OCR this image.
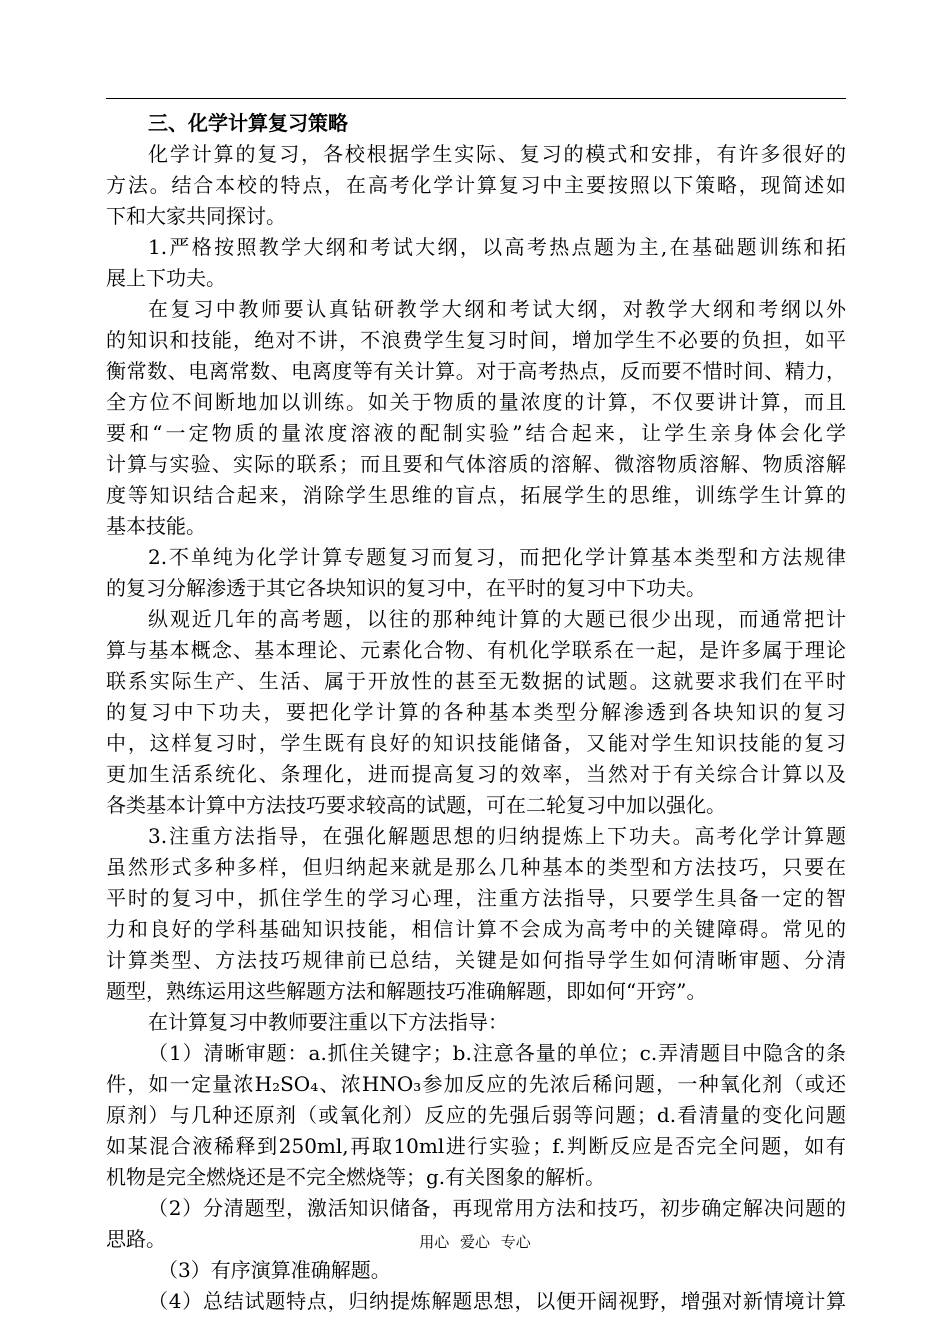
三、化学计算复习策略
化学计算的复习，各校根据学生实际、复习的模式和安排，有许多很好的
方法。结合本校的特点，在高考化学计算复习中主要按照以下策略，现简述如
下和大家共同探讨。
1.严格按照教学大纲和考试大纲，以高考热点题为主,在基础题训练和拓
展上下功夫。
在复习中教师要认真钻研教学大纲和考试大纲，对教学大纲和考纲以外
的知识和技能，绝对不讲，不浪费学生复习时间，增加学生不必要的负担，如平
衡常数、电离常数、电离度等有关计算。对于高考热点，反而要不惜时间、精力，
全方位不间断地加以训练。如关于物质的量浓度的计算，不仅要讲计算，而且
要和“一定物质的量浓度溶液的配制实验”结合起来，让学生亲身体会化学
计算与实验、实际的联系；而且要和气体溶质的溶解、微溶物质溶解、物质溶解
度等知识结合起来，消除学生思维的盲点，拓展学生的思维，训练学生计算的
基本技能。
2.不单纯为化学计算专题复习而复习，而把化学计算基本类型和方法规律
的复习分解渗透于其它各块知识的复习中，在平时的复习中下功夫。
纵观近几年的高考题，以往的那种纯计算的大题已很少出现，而通常把计
算与基本概念、基本理论、元素化合物、有机化学联系在一起，是许多属于理论
联系实际生产、生活、属于开放性的甚至无数据的试题。这就要求我们在平时
的复习中下功夫，要把化学计算的各种基本类型分解渗透到各块知识的复习
中，这样复习时，学生既有良好的知识技能储备，又能对学生知识技能的复习
更加生活系统化、条理化，进而提高复习的效率，当然对于有关综合计算以及
各类基本计算中方法技巧要求较高的试题，可在二轮复习中加以强化。
3.注重方法指导，在强化解题思想的归纳提炼上下功夫。高考化学计算题
虽然形式多种多样，但归纳起来就是那么几种基本的类型和方法技巧，只要在
平时的复习中，抓住学生的学习心理，注重方法指导，只要学生具备一定的智
力和良好的学科基础知识技能，相信计算不会成为高考中的关键障碍。常见的
计算类型、方法技巧规律前已总结，关键是如何指导学生如何清晰审题、分清
题型，熟练运用这些解题方法和解题技巧准确解题，即如何“开窍”。
在计算复习中教师要注重以下方法指导：
（1）清晰审题：a.抓住关键字；b.注意各量的单位；c.弄清题目中隐含的条
件，如一定量浓H₂SO₄、浓HNO₃参加反应的先浓后稀问题，一种氧化剂（或还
原剂）与几种还原剂（或氧化剂）反应的先强后弱等问题；d.看清量的变化问题
如某混合液稀释到250ml,再取10ml进行实验；f.判断反应是否完全问题，如有
机物是完全燃烧还是不完全燃烧等；g.有关图象的解析。
（2）分清题型，激活知识储备，再现常用方法和技巧，初步确定解决问题的
思路。
（3）有序演算准确解题。
（4）总结试题特点，归纳提炼解题思想，以便开阔视野，增强对新情境计算
用心 爱心 专心
